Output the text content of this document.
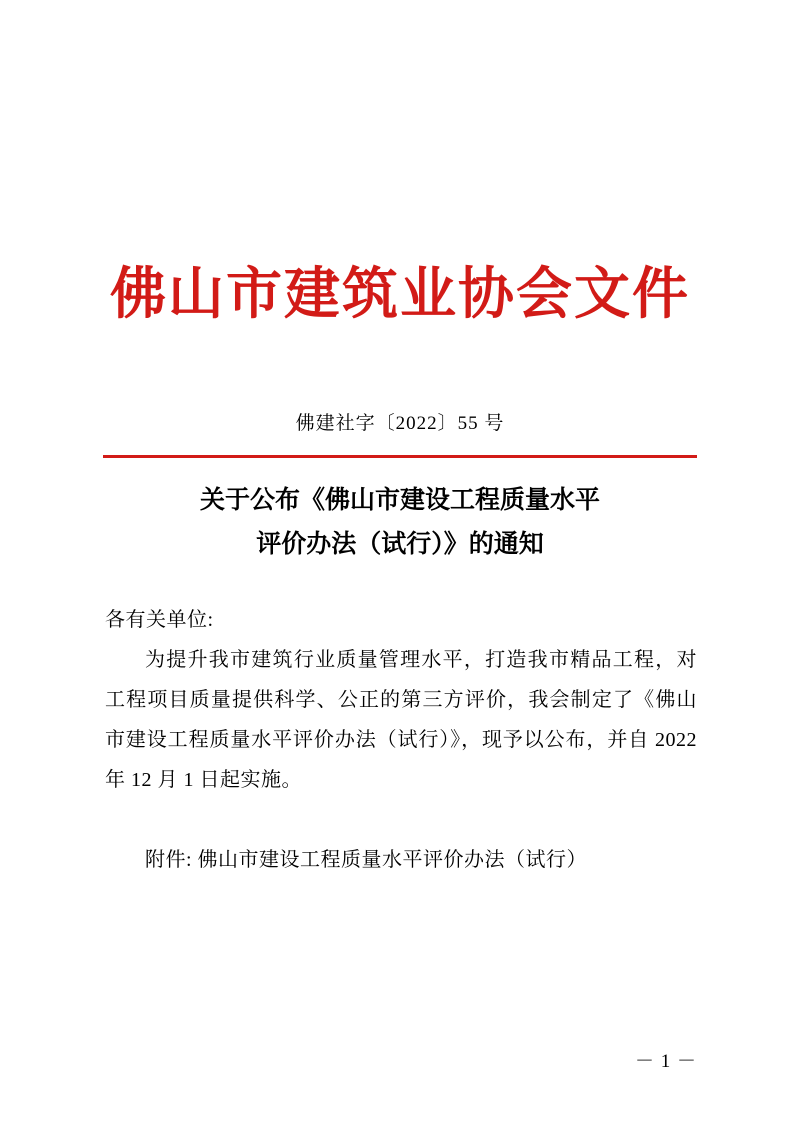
佛山市建筑业协会文件
佛建社字〔2022〕55 号
关于公布《佛山市建设工程质量水平
评价办法（试行）》的通知
各有关单位:
为提升我市建筑行业质量管理水平，打造我市精品工程，对工程项目质量提供科学、公正的第三方评价，我会制定了《佛山市建设工程质量水平评价办法（试行）》，现予以公布，并自 2022 年 12 月 1 日起实施。
附件: 佛山市建设工程质量水平评价办法（试行）
－ 1 －
